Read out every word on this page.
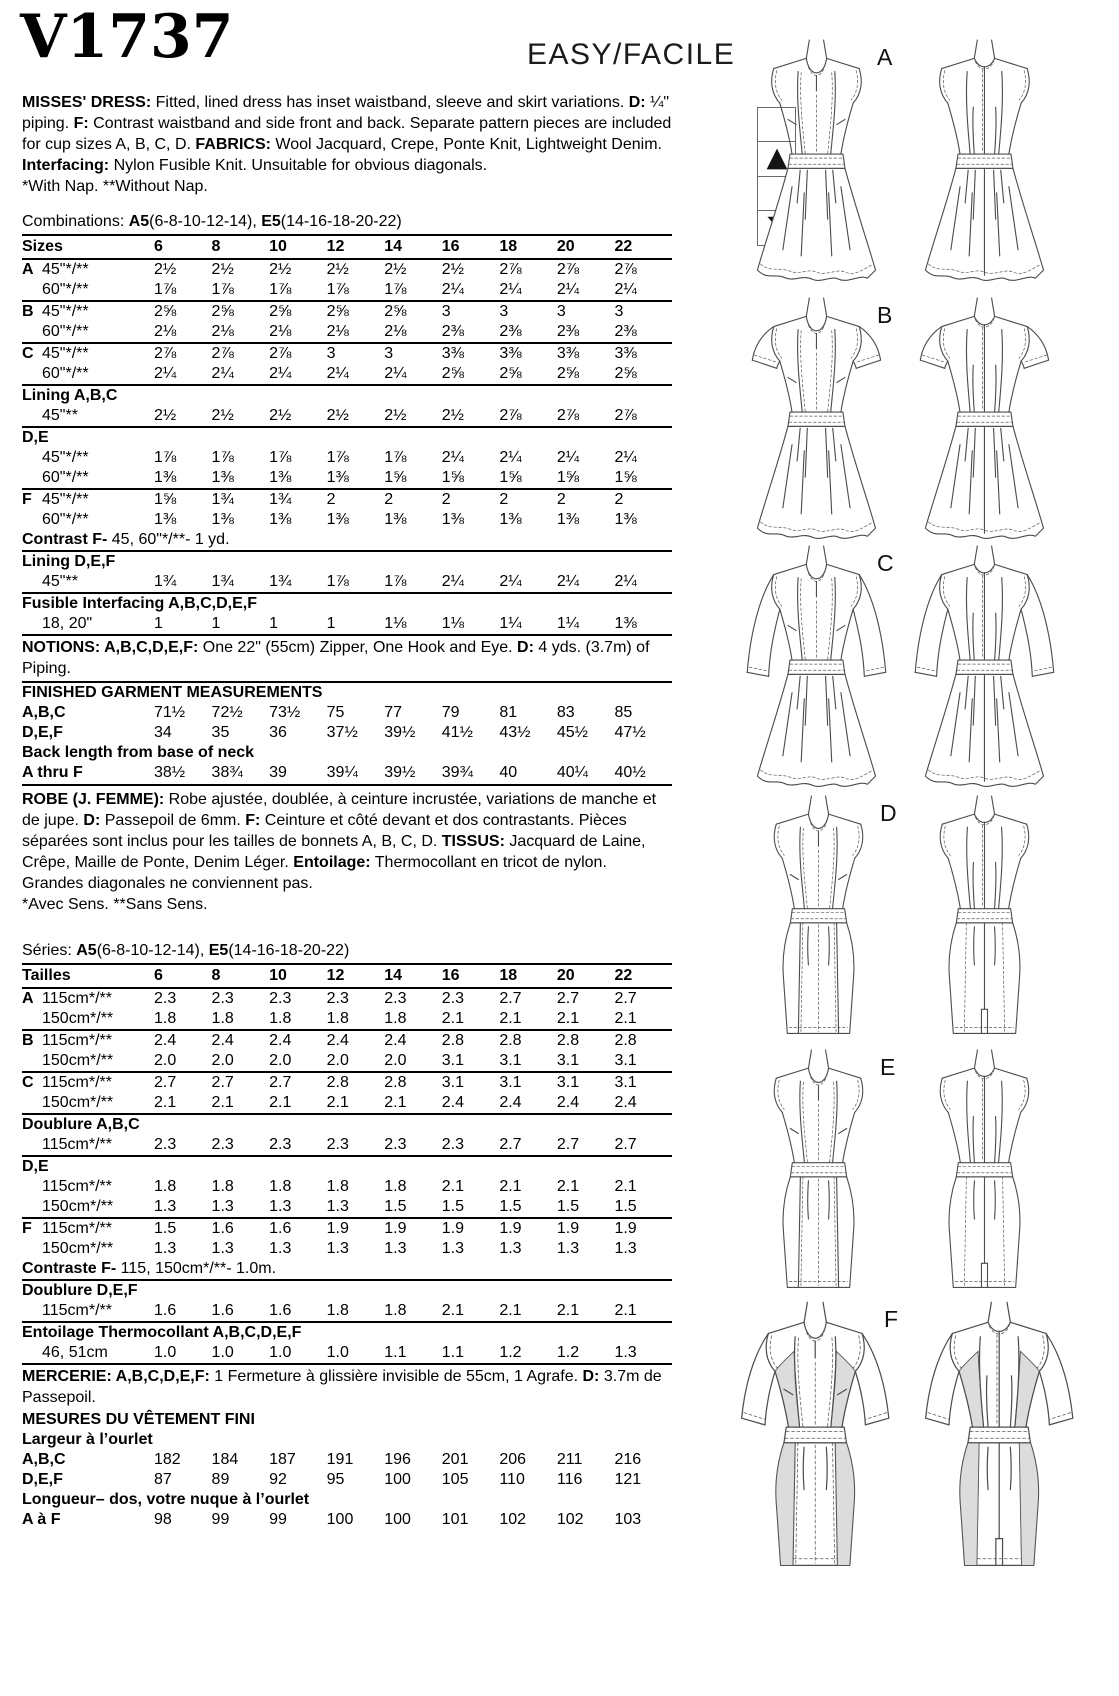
V1737	EASY/FACILE

MISSES' DRESS: Fitted, lined dress has inset waistband, sleeve and skirt variations. D: ¼" piping. F: Contrast waistband and side front and back. Separate pattern pieces are included for cup sizes A, B, C, D. FABRICS: Wool Jacquard, Crepe, Ponte Knit, Lightweight Denim. Interfacing: Nylon Fusible Knit. Unsuitable for obvious diagonals.

*With Nap. **Without Nap.
Combinations: A5(6-8-10-12-14), E5(14-16-18-20-22)
Sizes	6	8	10	12	14	16	18	20	22
A 45"*/**	2½	2½	2½	2½	2½	2½	2⅞	2⅞	2⅞
60"*/**	1⅞	1⅞	1⅞	1⅞	1⅞	2¼	2¼	2¼	2¼
B 45"*/**	2⅝	2⅝	2⅝	2⅝	2⅝	3	3	3	3
60"*/**	2⅛	2⅛	2⅛	2⅛	2⅛	2⅜	2⅜	2⅜	2⅜
C 45"*/**	2⅞	2⅞	2⅞	3	3	3⅜	3⅜	3⅜	3⅜
60"*/**	2¼	2¼	2¼	2¼	2¼	2⅝	2⅝	2⅝	2⅝
Lining A,B,C
45"**	2½	2½	2½	2½	2½	2½	2⅞	2⅞	2⅞
D,E
45"*/**	1⅞	1⅞	1⅞	1⅞	1⅞	2¼	2¼	2¼	2¼
60"*/**	1⅜	1⅜	1⅜	1⅜	1⅝	1⅝	1⅝	1⅝	1⅝
F 45"*/**	1⅝	1¾	1¾	2	2	2	2	2	2
60"*/**	1⅜	1⅜	1⅜	1⅜	1⅜	1⅜	1⅜	1⅜	1⅜
Contrast F- 45, 60"*/**- 1 yd.
Lining D,E,F
45"**	1¾	1¾	1¾	1⅞	1⅞	2¼	2¼	2¼	2¼
Fusible Interfacing A,B,C,D,E,F
18, 20"	1	1	1	1	1⅛	1⅛	1¼	1¼	1⅜

NOTIONS: A,B,C,D,E,F: One 22" (55cm) Zipper, One Hook and Eye. D: 4 yds. (3.7m) of Piping.

FINISHED GARMENT MEASUREMENTS
A,B,C	71½	72½	73½	75	77	79	81	83	85
D,E,F	34	35	36	37½	39½	41½	43½	45½	47½
Back length from base of neck
A thru F	38½	38¾	39	39¼	39½	39¾	40	40¼	40½

ROBE (J. FEMME): Robe ajustée, doublée, à ceinture incrustée, variations de manche et de jupe. D: Passepoil de 6mm. F: Ceinture et côté devant et dos contrastants. Pièces séparées sont inclus pour les tailles de bonnets A, B, C, D. TISSUS: Jacquard de Laine, Crêpe, Maille de Ponte, Denim Léger. Entoilage: Thermocollant en tricot de nylon. Grandes diagonales ne conviennent pas.

*Avec Sens. **Sans Sens.
Séries: A5(6-8-10-12-14), E5(14-16-18-20-22)
Tailles	6	8	10	12	14	16	18	20	22
A 115cm*/**	2.3	2.3	2.3	2.3	2.3	2.3	2.7	2.7	2.7
150cm*/**	1.8	1.8	1.8	1.8	1.8	2.1	2.1	2.1	2.1
B 115cm*/**	2.4	2.4	2.4	2.4	2.4	2.8	2.8	2.8	2.8
150cm*/**	2.0	2.0	2.0	2.0	2.0	3.1	3.1	3.1	3.1
C 115cm*/**	2.7	2.7	2.7	2.8	2.8	3.1	3.1	3.1	3.1
150cm*/**	2.1	2.1	2.1	2.1	2.1	2.4	2.4	2.4	2.4
Doublure A,B,C
115cm*/**	2.3	2.3	2.3	2.3	2.3	2.3	2.7	2.7	2.7
D,E
115cm*/**	1.8	1.8	1.8	1.8	1.8	2.1	2.1	2.1	2.1
150cm*/**	1.3	1.3	1.3	1.3	1.5	1.5	1.5	1.5	1.5
F 115cm*/**	1.5	1.6	1.6	1.9	1.9	1.9	1.9	1.9	1.9
150cm*/**	1.3	1.3	1.3	1.3	1.3	1.3	1.3	1.3	1.3
Contraste F- 115, 150cm*/**- 1.0m.
Doublure D,E,F
115cm*/**	1.6	1.6	1.6	1.8	1.8	2.1	2.1	2.1	2.1
Entoilage Thermocollant A,B,C,D,E,F
46, 51cm	1.0	1.0	1.0	1.0	1.1	1.1	1.2	1.2	1.3

MERCERIE: A,B,C,D,E,F: 1 Fermeture à glissière invisible de 55cm, 1 Agrafe. D: 3.7m de Passepoil.

MESURES DU VÊTEMENT FINI
Largeur à l’ourlet
A,B,C	182	184	187	191	196	201	206	211	216
D,E,F	87	89	92	95	100	105	110	116	121
Longueur– dos, votre nuque à l’ourlet
A à F	98	99	99	100	100	101	102	102	103
A
B
C
D
E
F
